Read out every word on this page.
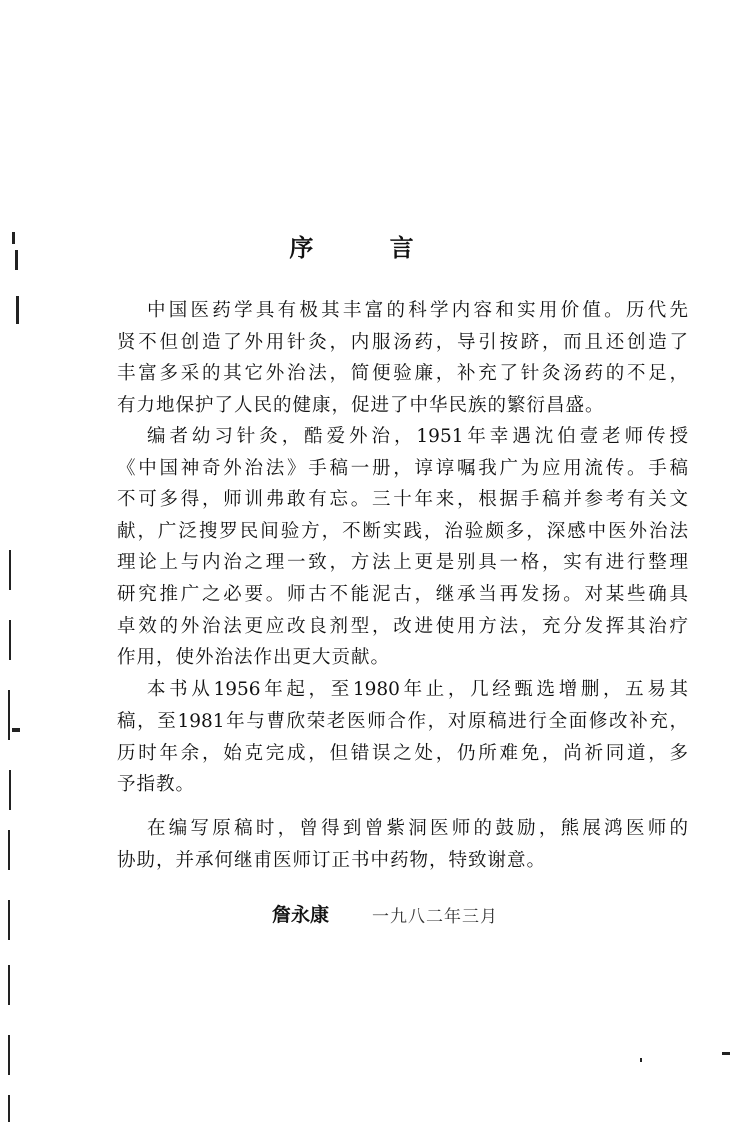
序 言
中国医药学具有极其丰富的科学内容和实用价值。历代先
贤不但创造了外用针灸，内服汤药，导引按跻，而且还创造了
丰富多采的其它外治法，简便验廉，补充了针灸汤药的不足，
有力地保护了人民的健康，促进了中华民族的繁衍昌盛。
编者幼习针灸，酷爱外治，1951年幸遇沈伯壹老师传授
《中国神奇外治法》手稿一册，谆谆嘱我广为应用流传。手稿
不可多得，师训弗敢有忘。三十年来，根据手稿并参考有关文
献，广泛搜罗民间验方，不断实践，治验颇多，深感中医外治法
理论上与内治之理一致，方法上更是别具一格，实有进行整理
研究推广之必要。师古不能泥古，继承当再发扬。对某些确具
卓效的外治法更应改良剂型，改进使用方法，充分发挥其治疗
作用，使外治法作出更大贡献。
本书从1956年起，至1980年止，几经甄选增删，五易其
稿，至1981年与曹欣荣老医师合作，对原稿进行全面修改补充，
历时年余，始克完成，但错误之处，仍所难免，尚祈同道，多
予指教。
在编写原稿时，曾得到曾紫洞医师的鼓励，熊展鸿医师的
协助，并承何继甫医师订正书中药物，特致谢意。
詹永康	一九八二年三月
